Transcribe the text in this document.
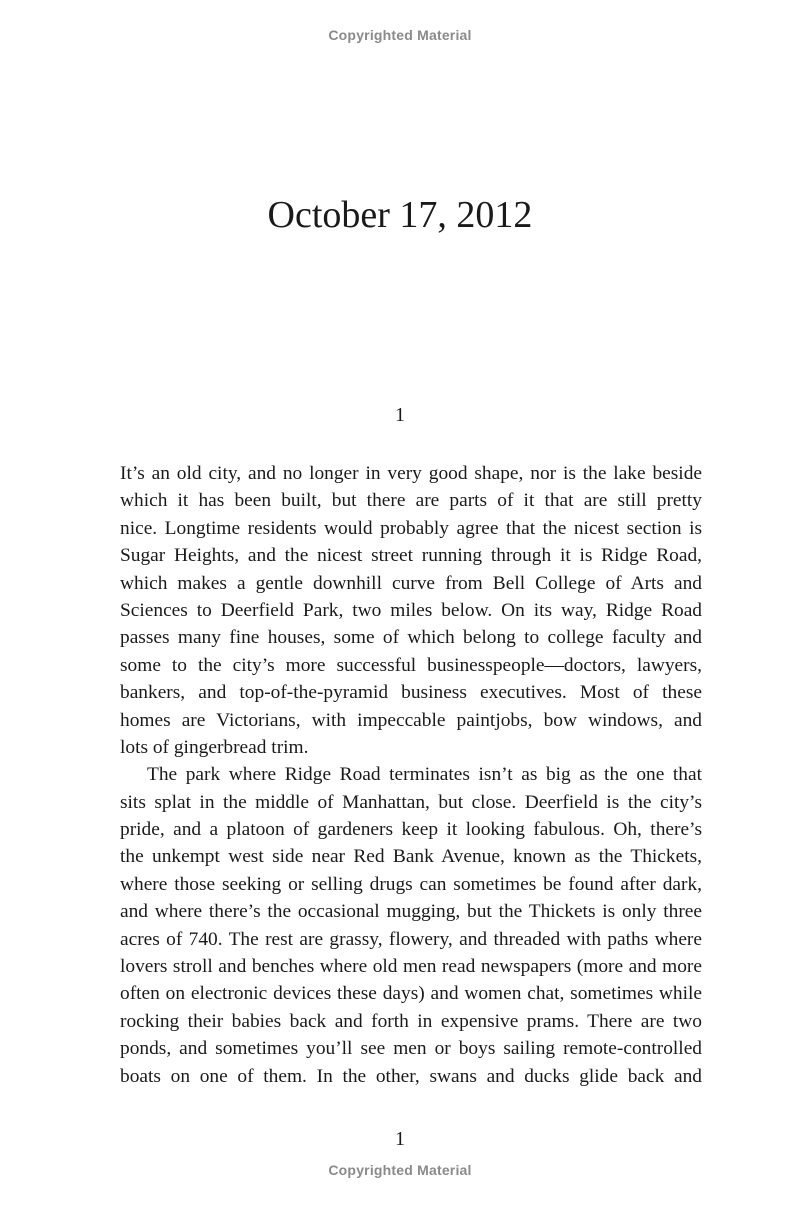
Copyrighted Material
October 17, 2012
1
It’s an old city, and no longer in very good shape, nor is the lake beside
which it has been built, but there are parts of it that are still pretty
nice. Longtime residents would probably agree that the nicest section is
Sugar Heights, and the nicest street running through it is Ridge Road,
which makes a gentle downhill curve from Bell College of Arts and
Sciences to Deerfield Park, two miles below. On its way, Ridge Road
passes many fine houses, some of which belong to college faculty and
some to the city’s more successful businesspeople—doctors, lawyers,
bankers, and top-of-the-pyramid business executives. Most of these
homes are Victorians, with impeccable paintjobs, bow windows, and
lots of gingerbread trim.
The park where Ridge Road terminates isn’t as big as the one that
sits splat in the middle of Manhattan, but close. Deerfield is the city’s
pride, and a platoon of gardeners keep it looking fabulous. Oh, there’s
the unkempt west side near Red Bank Avenue, known as the Thickets,
where those seeking or selling drugs can sometimes be found after dark,
and where there’s the occasional mugging, but the Thickets is only three
acres of 740. The rest are grassy, flowery, and threaded with paths where
lovers stroll and benches where old men read newspapers (more and more
often on electronic devices these days) and women chat, sometimes while
rocking their babies back and forth in expensive prams. There are two
ponds, and sometimes you’ll see men or boys sailing remote-controlled
boats on one of them. In the other, swans and ducks glide back and
1
Copyrighted Material
